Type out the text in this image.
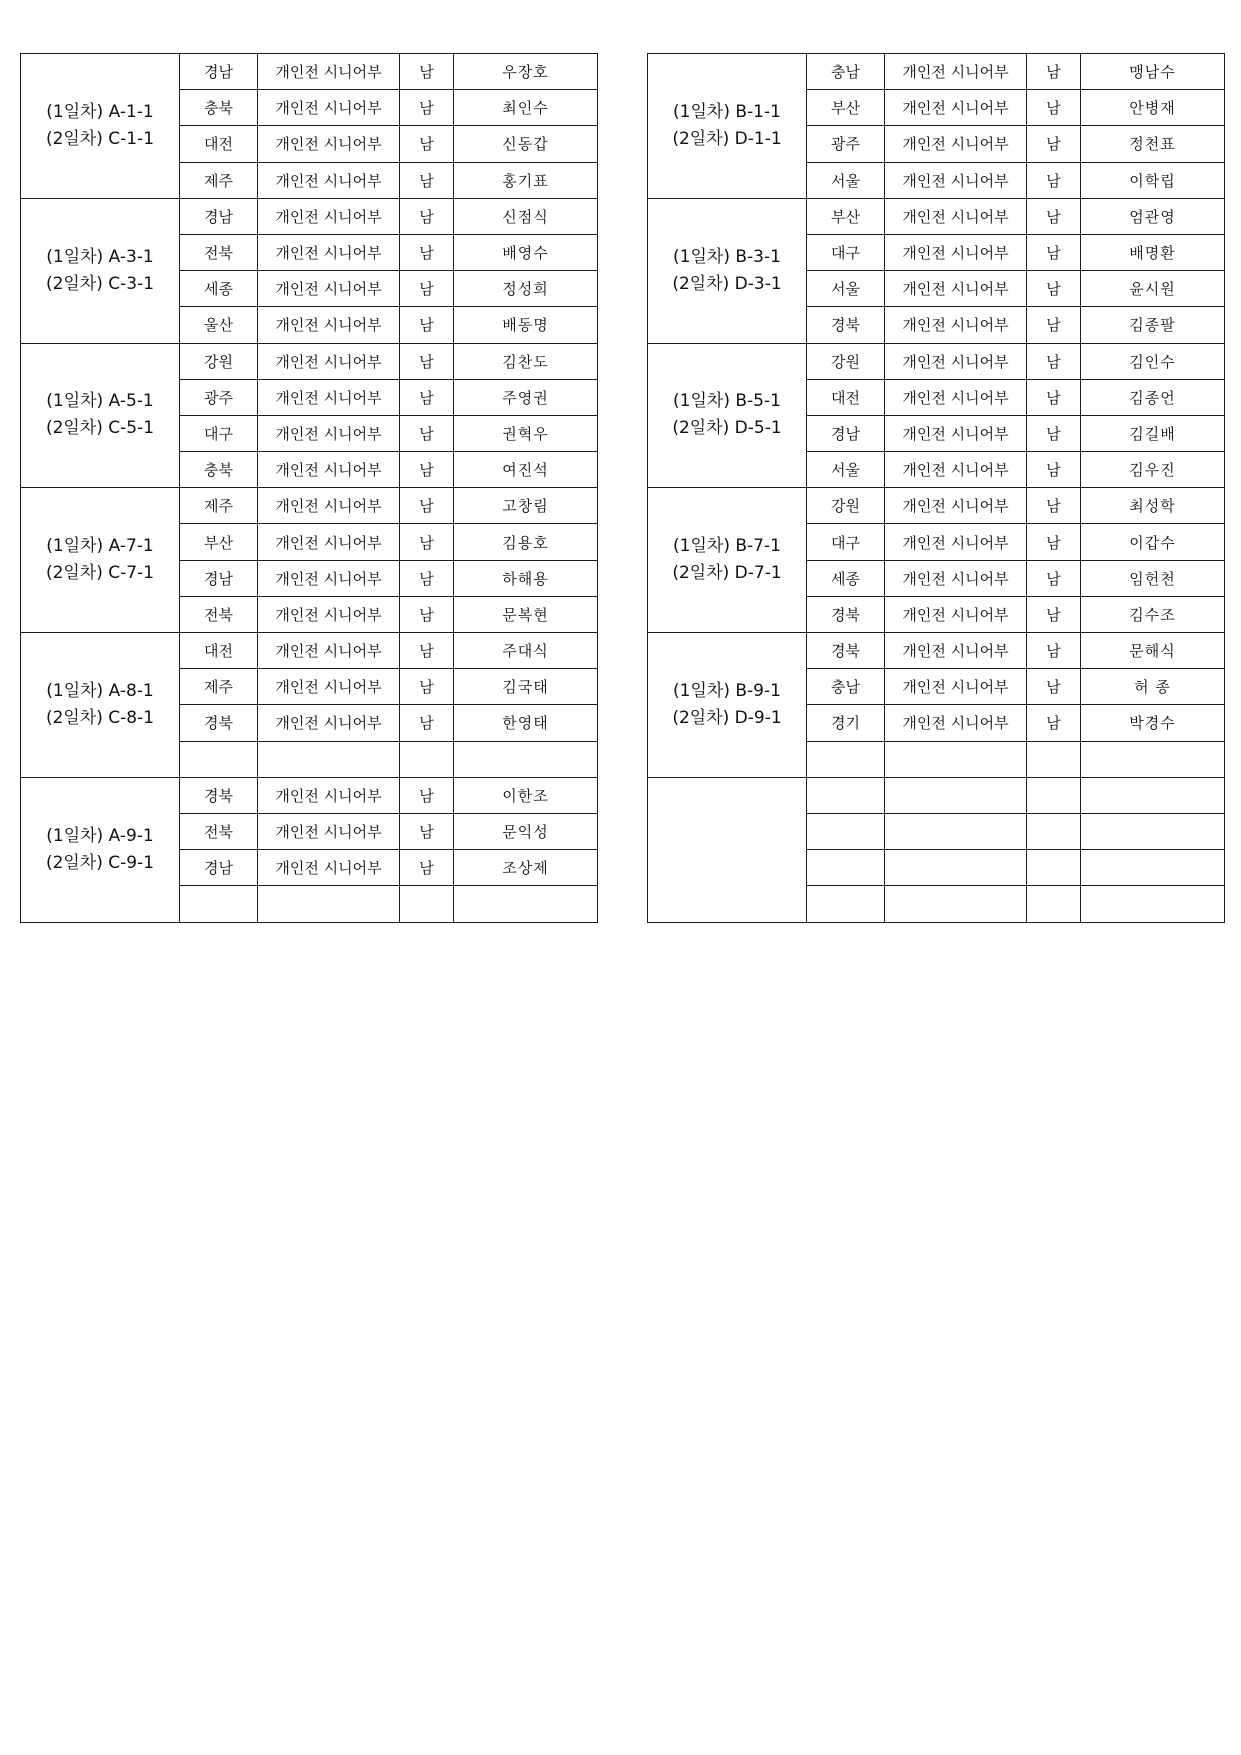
(1일차) A-1-1
(2일차) C-1-1	경남	개인전 시니어부	남	우장호
	충북	개인전 시니어부	남	최인수
	대전	개인전 시니어부	남	신동갑
	제주	개인전 시니어부	남	홍기표

(1일차) A-3-1
(2일차) C-3-1	경남	개인전 시니어부	남	신점식
	전북	개인전 시니어부	남	배영수
	세종	개인전 시니어부	남	정성희
	울산	개인전 시니어부	남	배동명

(1일차) A-5-1
(2일차) C-5-1	강원	개인전 시니어부	남	김찬도
	광주	개인전 시니어부	남	주영권
	대구	개인전 시니어부	남	권혁우
	충북	개인전 시니어부	남	여진석

(1일차) A-7-1
(2일차) C-7-1	제주	개인전 시니어부	남	고창림
	부산	개인전 시니어부	남	김용호
	경남	개인전 시니어부	남	하해용
	전북	개인전 시니어부	남	문복현

(1일차) A-8-1
(2일차) C-8-1	대전	개인전 시니어부	남	주대식
	제주	개인전 시니어부	남	김국태
	경북	개인전 시니어부	남	한영태

(1일차) A-9-1
(2일차) C-9-1	경북	개인전 시니어부	남	이한조
	전북	개인전 시니어부	남	문익성
	경남	개인전 시니어부	남	조상제

(1일차) B-1-1
(2일차) D-1-1	충남	개인전 시니어부	남	맹남수
	부산	개인전 시니어부	남	안병재
	광주	개인전 시니어부	남	정천표
	서울	개인전 시니어부	남	이학립

(1일차) B-3-1
(2일차) D-3-1	부산	개인전 시니어부	남	엄관영
	대구	개인전 시니어부	남	배명환
	서울	개인전 시니어부	남	윤시원
	경북	개인전 시니어부	남	김종팔

(1일차) B-5-1
(2일차) D-5-1	강원	개인전 시니어부	남	김인수
	대전	개인전 시니어부	남	김종언
	경남	개인전 시니어부	남	김길배
	서울	개인전 시니어부	남	김우진

(1일차) B-7-1
(2일차) D-7-1	강원	개인전 시니어부	남	최성학
	대구	개인전 시니어부	남	이갑수
	세종	개인전 시니어부	남	임헌천
	경북	개인전 시니어부	남	김수조

(1일차) B-9-1
(2일차) D-9-1	경북	개인전 시니어부	남	문해식
	충남	개인전 시니어부	남	허 종
	경기	개인전 시니어부	남	박경수
